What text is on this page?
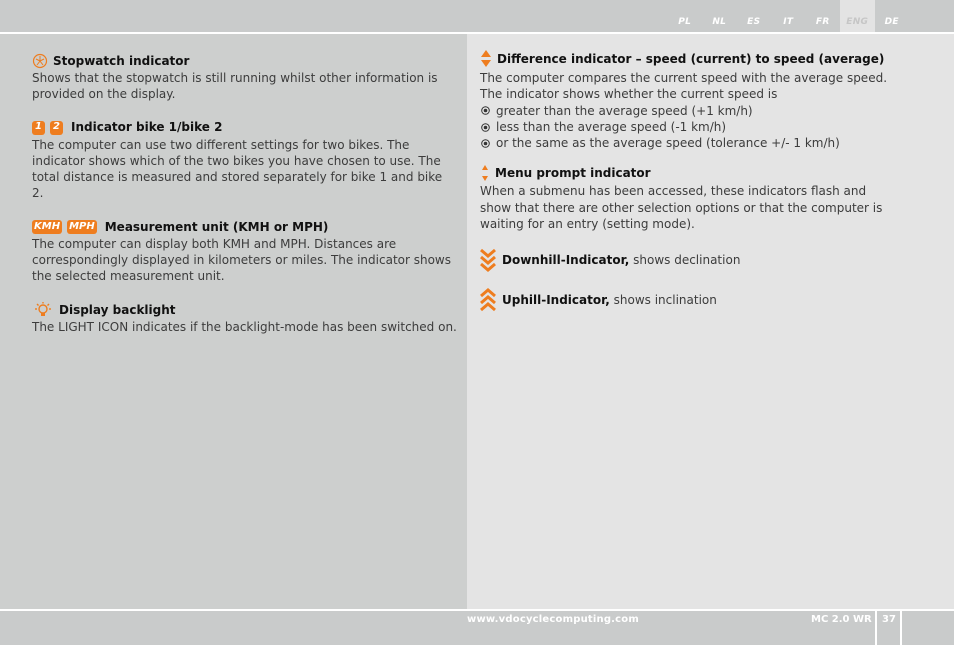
PL	NL	ES	IT	FR	ENG	DE
Stopwatch indicator
Shows that the stopwatch is still running whilst other information is provided on the display.
1	2 Indicator bike 1/bike 2
The computer can use two different settings for two bikes. The indicator shows which of the two bikes you have chosen to use. The total distance is measured and stored separately for bike 1 and bike 2.
KMH MPH Measurement unit (KMH or MPH)
The computer can display both KMH and MPH. Distances are correspondingly displayed in kilometers or miles. The indicator shows the selected measurement unit.
Display backlight
The LIGHT ICON indicates if the backlight-mode has been switched on.
Difference indicator – speed (current) to speed (average)
The computer compares the current speed with the average speed. The indicator shows whether the current speed is
greater than the average speed (+1 km/h)
less than the average speed (-1 km/h)
or the same as the average speed (tolerance +/- 1 km/h)
Menu prompt indicator
When a submenu has been accessed, these indicators flash and show that there are other selection options or that the computer is waiting for an entry (setting mode).
Downhill-Indicator, shows declination
Uphill-Indicator, shows inclination
www.vdocyclecomputing.com	MC 2.0 WR 37
